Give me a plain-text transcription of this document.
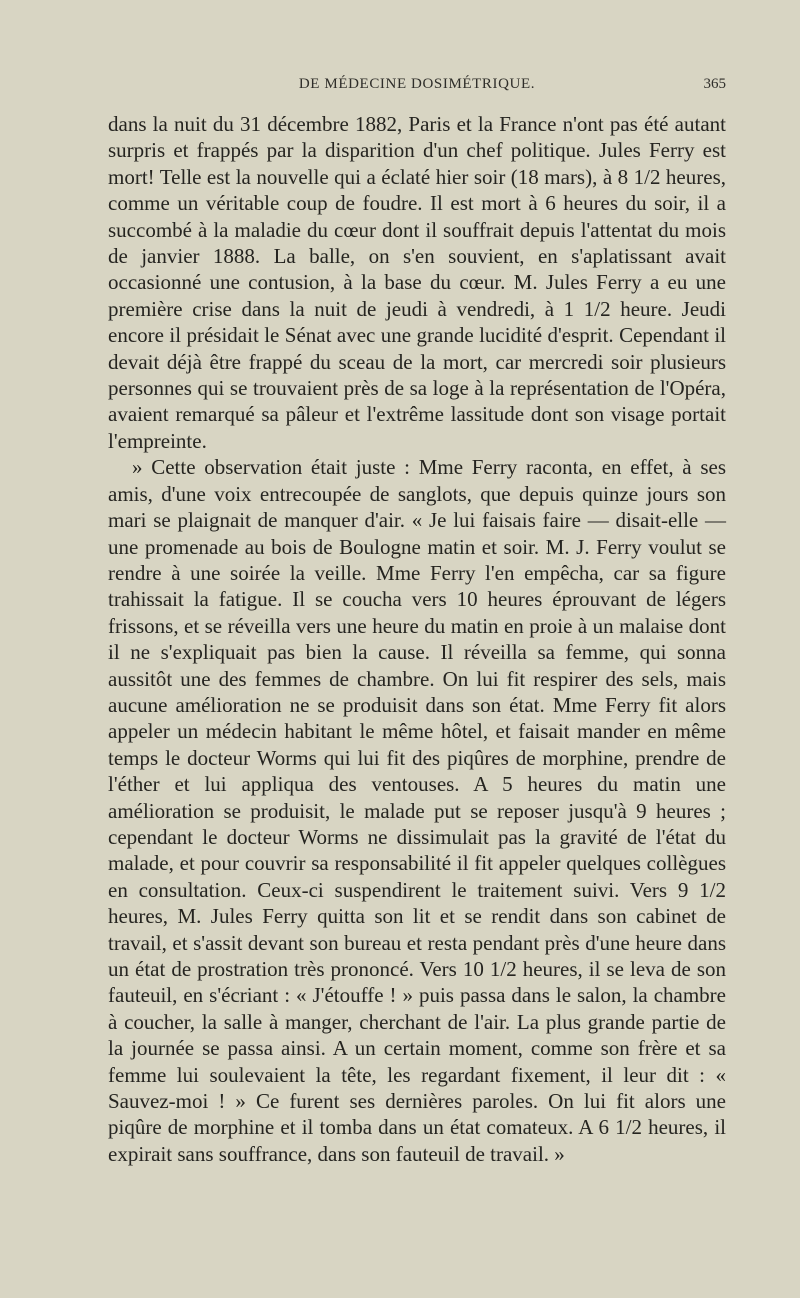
DE MÉDECINE DOSIMÉTRIQUE.	365

dans la nuit du 31 décembre 1882, Paris et la France n'ont pas été autant surpris et frappés par la disparition d'un chef politique. Jules Ferry est mort! Telle est la nouvelle qui a éclaté hier soir (18 mars), à 8 1/2 heures, comme un véritable coup de foudre. Il est mort à 6 heures du soir, il a succombé à la maladie du cœur dont il souffrait depuis l'attentat du mois de janvier 1888. La balle, on s'en souvient, en s'aplatissant avait occasionné une contusion, à la base du cœur. M. Jules Ferry a eu une première crise dans la nuit de jeudi à vendredi, à 1 1/2 heure. Jeudi encore il présidait le Sénat avec une grande lucidité d'esprit. Cependant il devait déjà être frappé du sceau de la mort, car mercredi soir plusieurs personnes qui se trouvaient près de sa loge à la représentation de l'Opéra, avaient remarqué sa pâleur et l'extrême lassitude dont son visage portait l'empreinte.

» Cette observation était juste : Mme Ferry raconta, en effet, à ses amis, d'une voix entrecoupée de sanglots, que depuis quinze jours son mari se plaignait de manquer d'air. « Je lui faisais faire — disait-elle — une promenade au bois de Boulogne matin et soir. M. J. Ferry voulut se rendre à une soirée la veille. Mme Ferry l'en empêcha, car sa figure trahissait la fatigue. Il se coucha vers 10 heures éprouvant de légers frissons, et se réveilla vers une heure du matin en proie à un malaise dont il ne s'expliquait pas bien la cause. Il réveilla sa femme, qui sonna aussitôt une des femmes de chambre. On lui fit respirer des sels, mais aucune amélioration ne se produisit dans son état. Mme Ferry fit alors appeler un médecin habitant le même hôtel, et faisait mander en même temps le docteur Worms qui lui fit des piqûres de morphine, prendre de l'éther et lui appliqua des ventouses. A 5 heures du matin une amélioration se produisit, le malade put se reposer jusqu'à 9 heures ; cependant le docteur Worms ne dissimulait pas la gravité de l'état du malade, et pour couvrir sa responsabilité il fit appeler quelques collègues en consultation. Ceux-ci suspendirent le traitement suivi. Vers 9 1/2 heures, M. Jules Ferry quitta son lit et se rendit dans son cabinet de travail, et s'assit devant son bureau et resta pendant près d'une heure dans un état de prostration très prononcé. Vers 10 1/2 heures, il se leva de son fauteuil, en s'écriant : « J'étouffe ! » puis passa dans le salon, la chambre à coucher, la salle à manger, cherchant de l'air. La plus grande partie de la journée se passa ainsi. A un certain moment, comme son frère et sa femme lui soulevaient la tête, les regardant fixement, il leur dit : « Sauvez-moi ! » Ce furent ses dernières paroles. On lui fit alors une piqûre de morphine et il tomba dans un état comateux. A 6 1/2 heures, il expirait sans souffrance, dans son fauteuil de travail. »
